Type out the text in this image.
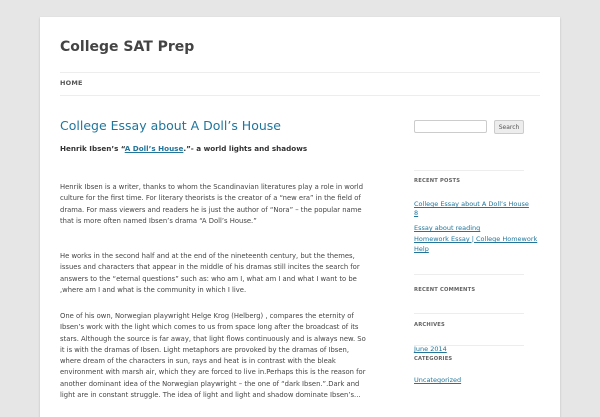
College SAT Prep
HOME
College Essay about A Doll’s House
Henrik Ibsen’s “A Doll’s House.”- a world lights and shadows
Henrik Ibsen is a writer, thanks to whom the Scandinavian literatures play a role in world
culture for the first time. For literary theorists is the creator of a “new era” in the field of
drama. For mass viewers and readers he is just the author of “Nora” – the popular name
that is more often named Ibsen’s drama “A Doll’s House.”
He works in the second half and at the end of the nineteenth century, but the themes,
issues and characters that appear in the middle of his dramas still incites the search for
answers to the “eternal questions” such as: who am I, what am I and what I want to be
,where am I and what is the community in which I live.
One of his own, Norwegian playwright Helge Krog (Helberg) , compares the eternity of
Ibsen’s work with the light which comes to us from space long after the broadcast of its
stars. Although the source is far away, that light flows continuously and is always new. So
it is with the dramas of Ibsen. Light metaphors are provoked by the dramas of Ibsen,
where dream of the characters in sun, rays and heat is in contrast with the bleak
environment with marsh air, which they are forced to live in.Perhaps this is the reason for
another dominant idea of the Norwegian playwright – the one of “dark Ibsen.”.Dark and
light are in constant struggle. The idea of light and light and shadow dominate Ibsen’s...
Search
RECENT POSTS
College Essay about A Doll’s House
8
Essay about reading
Homework Essay | College Homework
Help
RECENT COMMENTS
ARCHIVES
June 2014
CATEGORIES
Uncategorized
